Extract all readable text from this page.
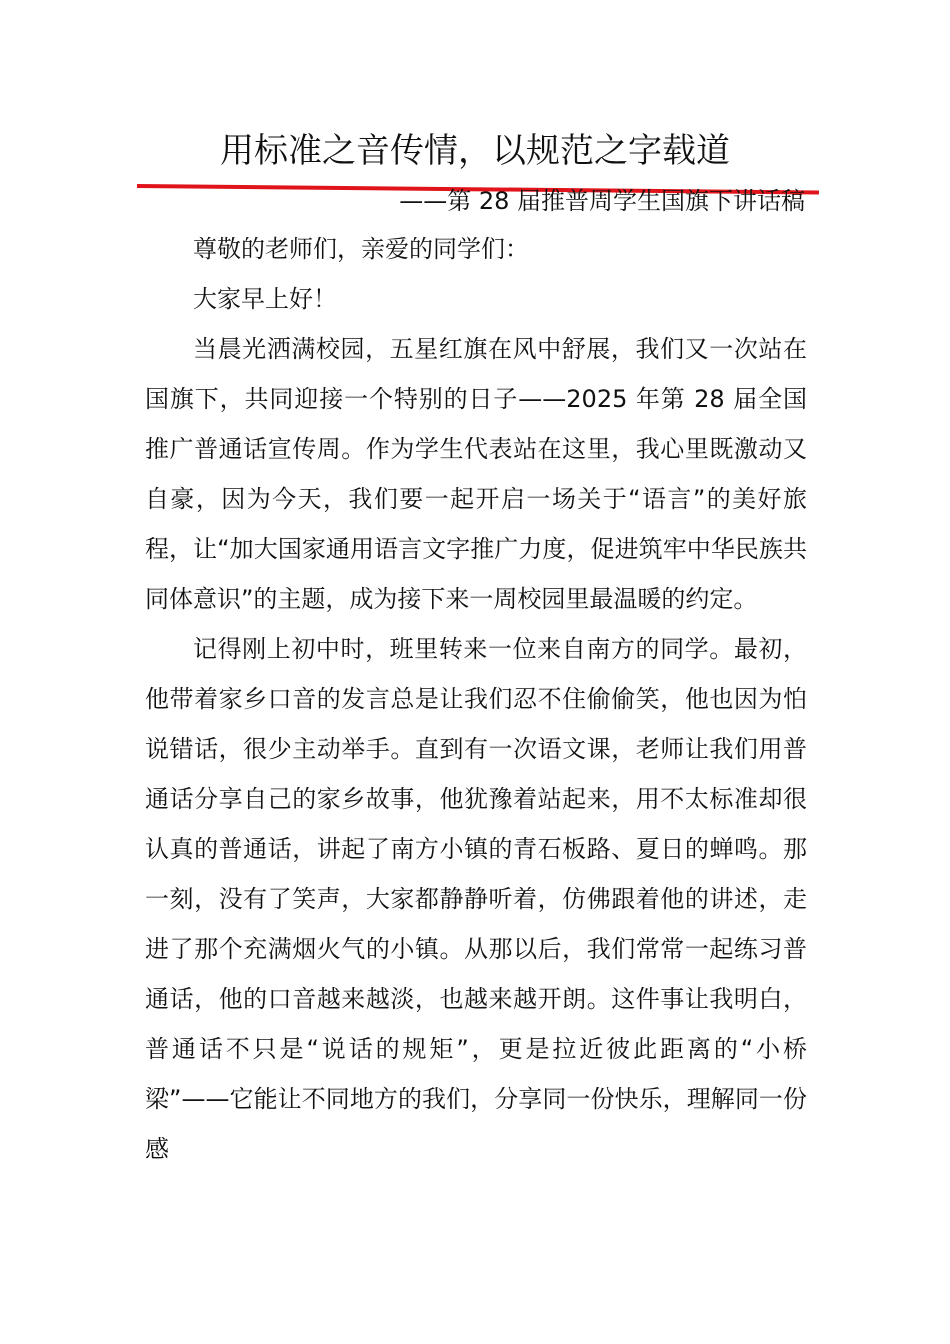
用标准之音传情，以规范之字载道
——第 28 届推普周学生国旗下讲话稿

尊敬的老师们，亲爱的同学们：

大家早上好！

当晨光洒满校园，五星红旗在风中舒展，我们又一次站在国旗下，共同迎接一个特别的日子——2025 年第 28 届全国推广普通话宣传周。作为学生代表站在这里，我心里既激动又自豪，因为今天，我们要一起开启一场关于“语言”的美好旅程，让“加大国家通用语言文字推广力度，促进筑牢中华民族共同体意识”的主题，成为接下来一周校园里最温暖的约定。

记得刚上初中时，班里转来一位来自南方的同学。最初，他带着家乡口音的发言总是让我们忍不住偷偷笑，他也因为怕说错话，很少主动举手。直到有一次语文课，老师让我们用普通话分享自己的家乡故事，他犹豫着站起来，用不太标准却很认真的普通话，讲起了南方小镇的青石板路、夏日的蝉鸣。那一刻，没有了笑声，大家都静静听着，仿佛跟着他的讲述，走进了那个充满烟火气的小镇。从那以后，我们常常一起练习普通话，他的口音越来越淡，也越来越开朗。这件事让我明白，普通话不只是“说话的规矩”，更是拉近彼此距离的“小桥梁”——它能让不同地方的我们，分享同一份快乐，理解同一份感
